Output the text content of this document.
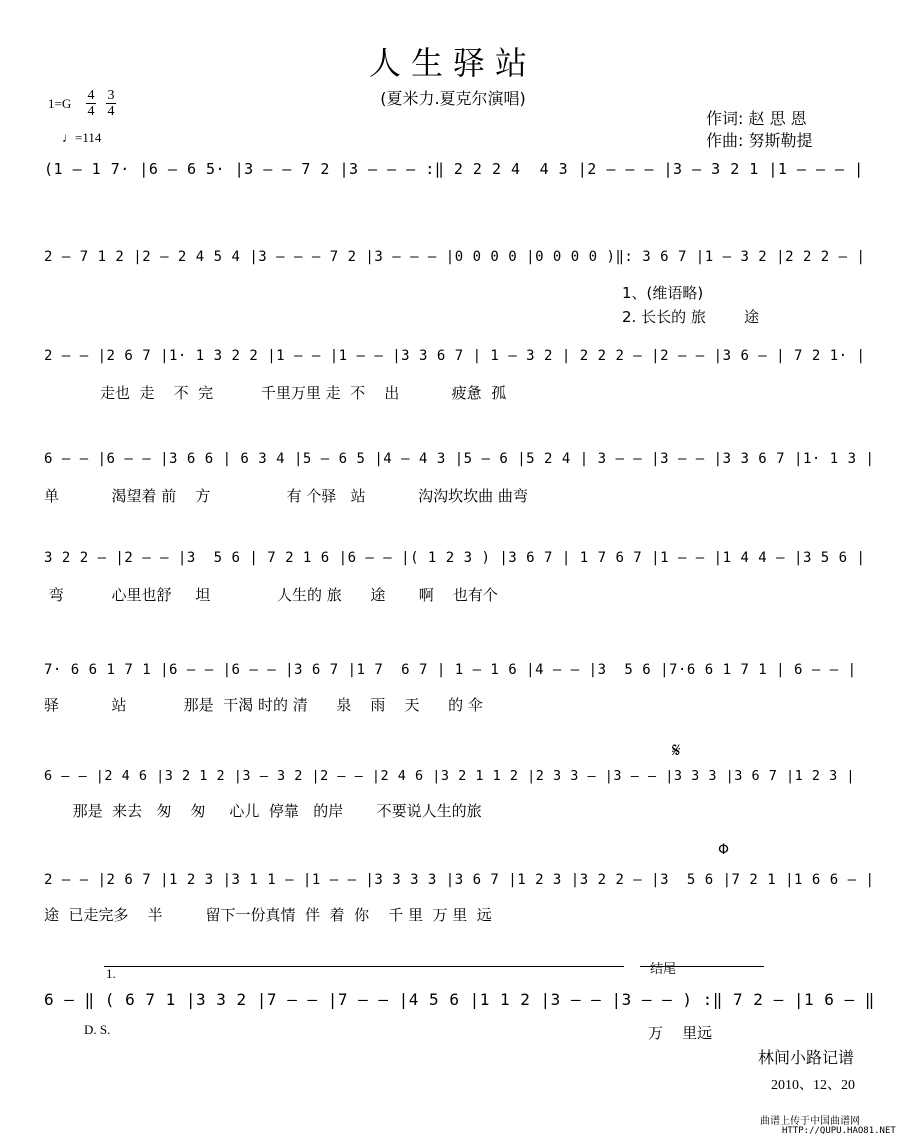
人生驿站
(夏米力.夏克尔演唱)
作词: 赵 思 恩
作曲: 努斯勒提
1=G
4
4
3
4
♩=114
(1 — 1 7· |6 — 6 5· |3 — — 7 2 |3 — — — :‖ 2 2 2 4  4 3 |2 — — — |3 — 3 2 1 |1 — — — |
2 — 7 1 2 |2 — 2 4 5 4 |3 — — — 7 2 |3 — — — |0 0 0 0 |0 0 0 0 )‖: 3 6 7 |1 — 3 2 |2 2 2 — |
1、(维语略)
2. 长长的 旅        途
2 — — |2 6 7 |1· 1 3 2 2 |1 — — |1 — — |3 3 6 7 | 1 — 3 2 | 2 2 2 — |2 — — |3 6 — | 7 2 1· |
走也  走    不  完          千里万里 走  不    出           疲惫  孤
6 — — |6 — — |3 6 6 | 6 3 4 |5 — 6 5 |4 — 4 3 |5 — 6 |5 2 4 | 3 — — |3 — — |3 3 6 7 |1· 1 3 |
单           渴望着 前    方                有 个驿   站           沟沟坎坎曲 曲弯
3 2 2 — |2 — — |3  5 6 | 7 2 1 6 |6 — — |( 1 2 3 ) |3 6 7 | 1 7 6 7 |1 — — |1 4 4 — |3 5 6 |
弯          心里也舒     坦              人生的 旅      途       啊    也有个
7· 6 6 1 7 1 |6 — — |6 — — |3 6 7 |1 7  6 7 | 1 — 1 6 |4 — — |3  5 6 |7·6 6 1 7 1 | 6 — — |
驿           站            那是  干渴 时的 清      泉    雨    天      的 伞
𝄋
6 — — |2 4 6 |3 2 1 2 |3 — 3 2 |2 — — |2 4 6 |3 2 1 1 2 |2 3 3 — |3 — — |3 3 3 |3 6 7 |1 2 3 |
那是  来去   匆    匆     心儿  停靠   的岸       不要说人生的旅
Φ
2 — — |2 6 7 |1 2 3 |3 1 1 — |1 — — |3 3 3 3 |3 6 7 |1 2 3 |3 2 2 — |3  5 6 |7 2 1 |1 6 6 — |
途  已走完多    半         留下一份真情  伴  着  你    千 里  万 里  远
1.	结尾
6 — ‖ ( 6 7 1 |3 3 2 |7 — — |7 — — |4 5 6 |1 1 2 |3 — — |3 — — ) :‖ 7 2 — |1 6 — ‖
D. S.	万    里远
林间小路记谱
2010、12、20
曲谱上传于中国曲谱网
HTTP://QUPU.HAO81.NET
